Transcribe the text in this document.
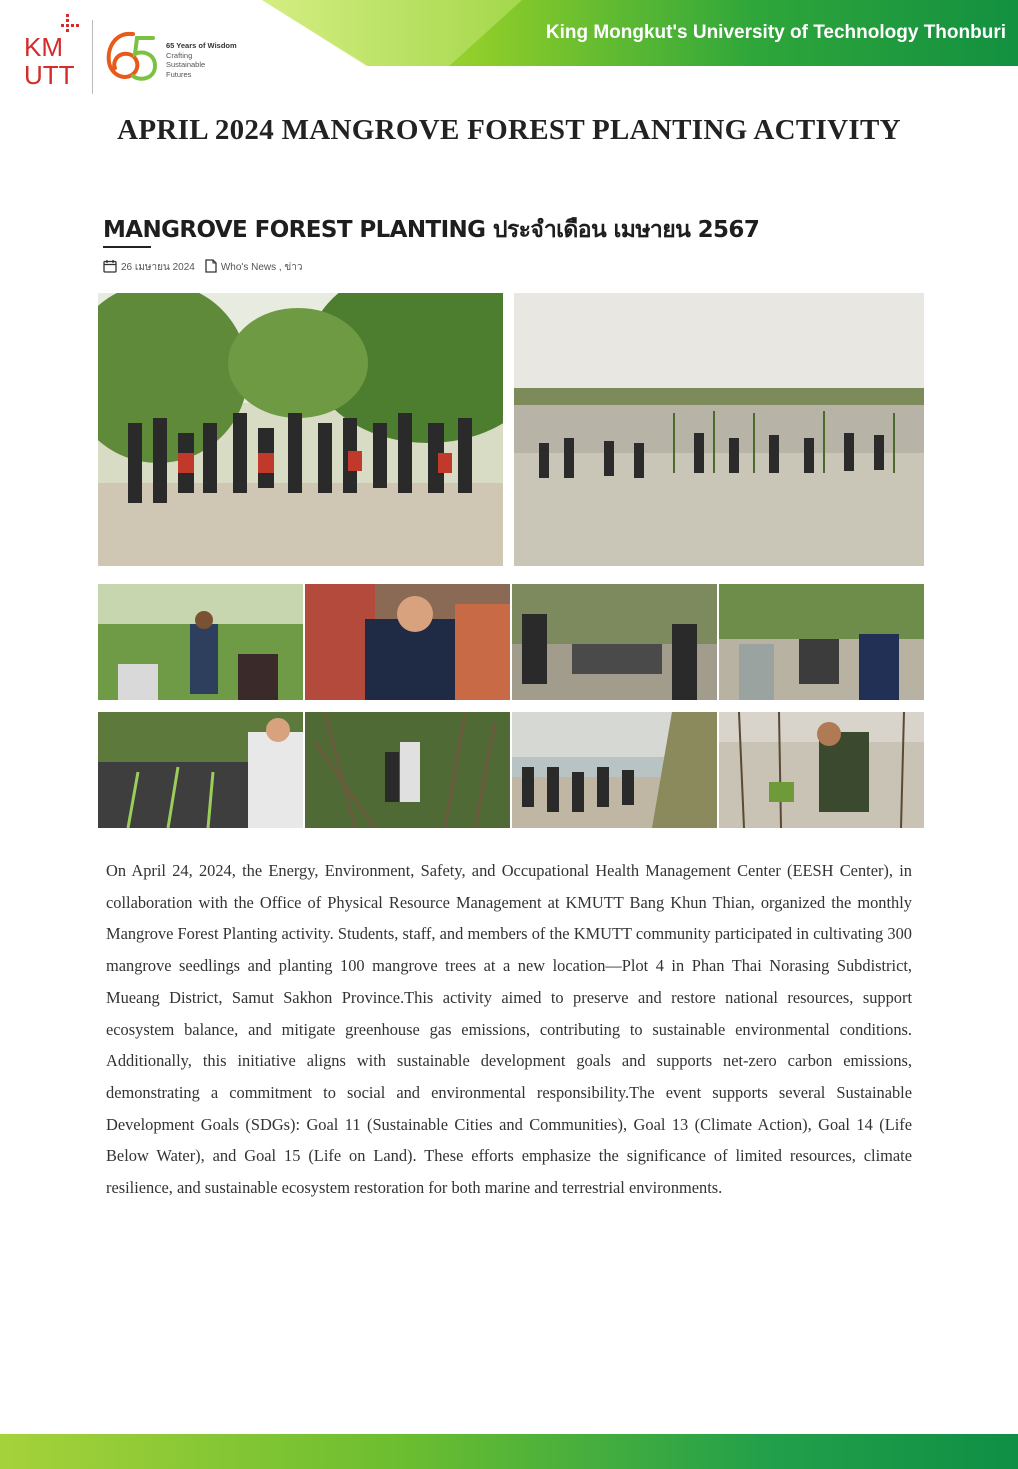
King Mongkut's University of Technology Thonburi
KM
UTT
65 Years of Wisdom
Crafting
Sustainable
Futures
APRIL 2024 MANGROVE FOREST PLANTING ACTIVITY
MANGROVE FOREST PLANTING ประจำเดือน เมษายน 2567
26 เมษายน 2024	Who's News , ข่าว
On April 24, 2024, the Energy, Environment, Safety, and Occupational Health Management Center (EESH Center), in collaboration with the Office of Physical Resource Management at KMUTT Bang Khun Thian, organized the monthly Mangrove Forest Planting activity. Students, staff, and members of the KMUTT community participated in cultivating 300 mangrove seedlings and planting 100 mangrove trees at a new location—Plot 4 in Phan Thai Norasing Subdistrict, Mueang District, Samut Sakhon Province.This activity aimed to preserve and restore national resources, support ecosystem balance, and mitigate greenhouse gas emissions, contributing to sustainable environmental conditions. Additionally, this initiative aligns with sustainable development goals and supports net-zero carbon emissions, demonstrating a commitment to social and environmental responsibility.The event supports several Sustainable Development Goals (SDGs): Goal 11 (Sustainable Cities and Communities), Goal 13 (Climate Action), Goal 14 (Life Below Water), and Goal 15 (Life on Land). These efforts emphasize the significance of limited resources, climate resilience, and sustainable ecosystem restoration for both marine and terrestrial environments.
